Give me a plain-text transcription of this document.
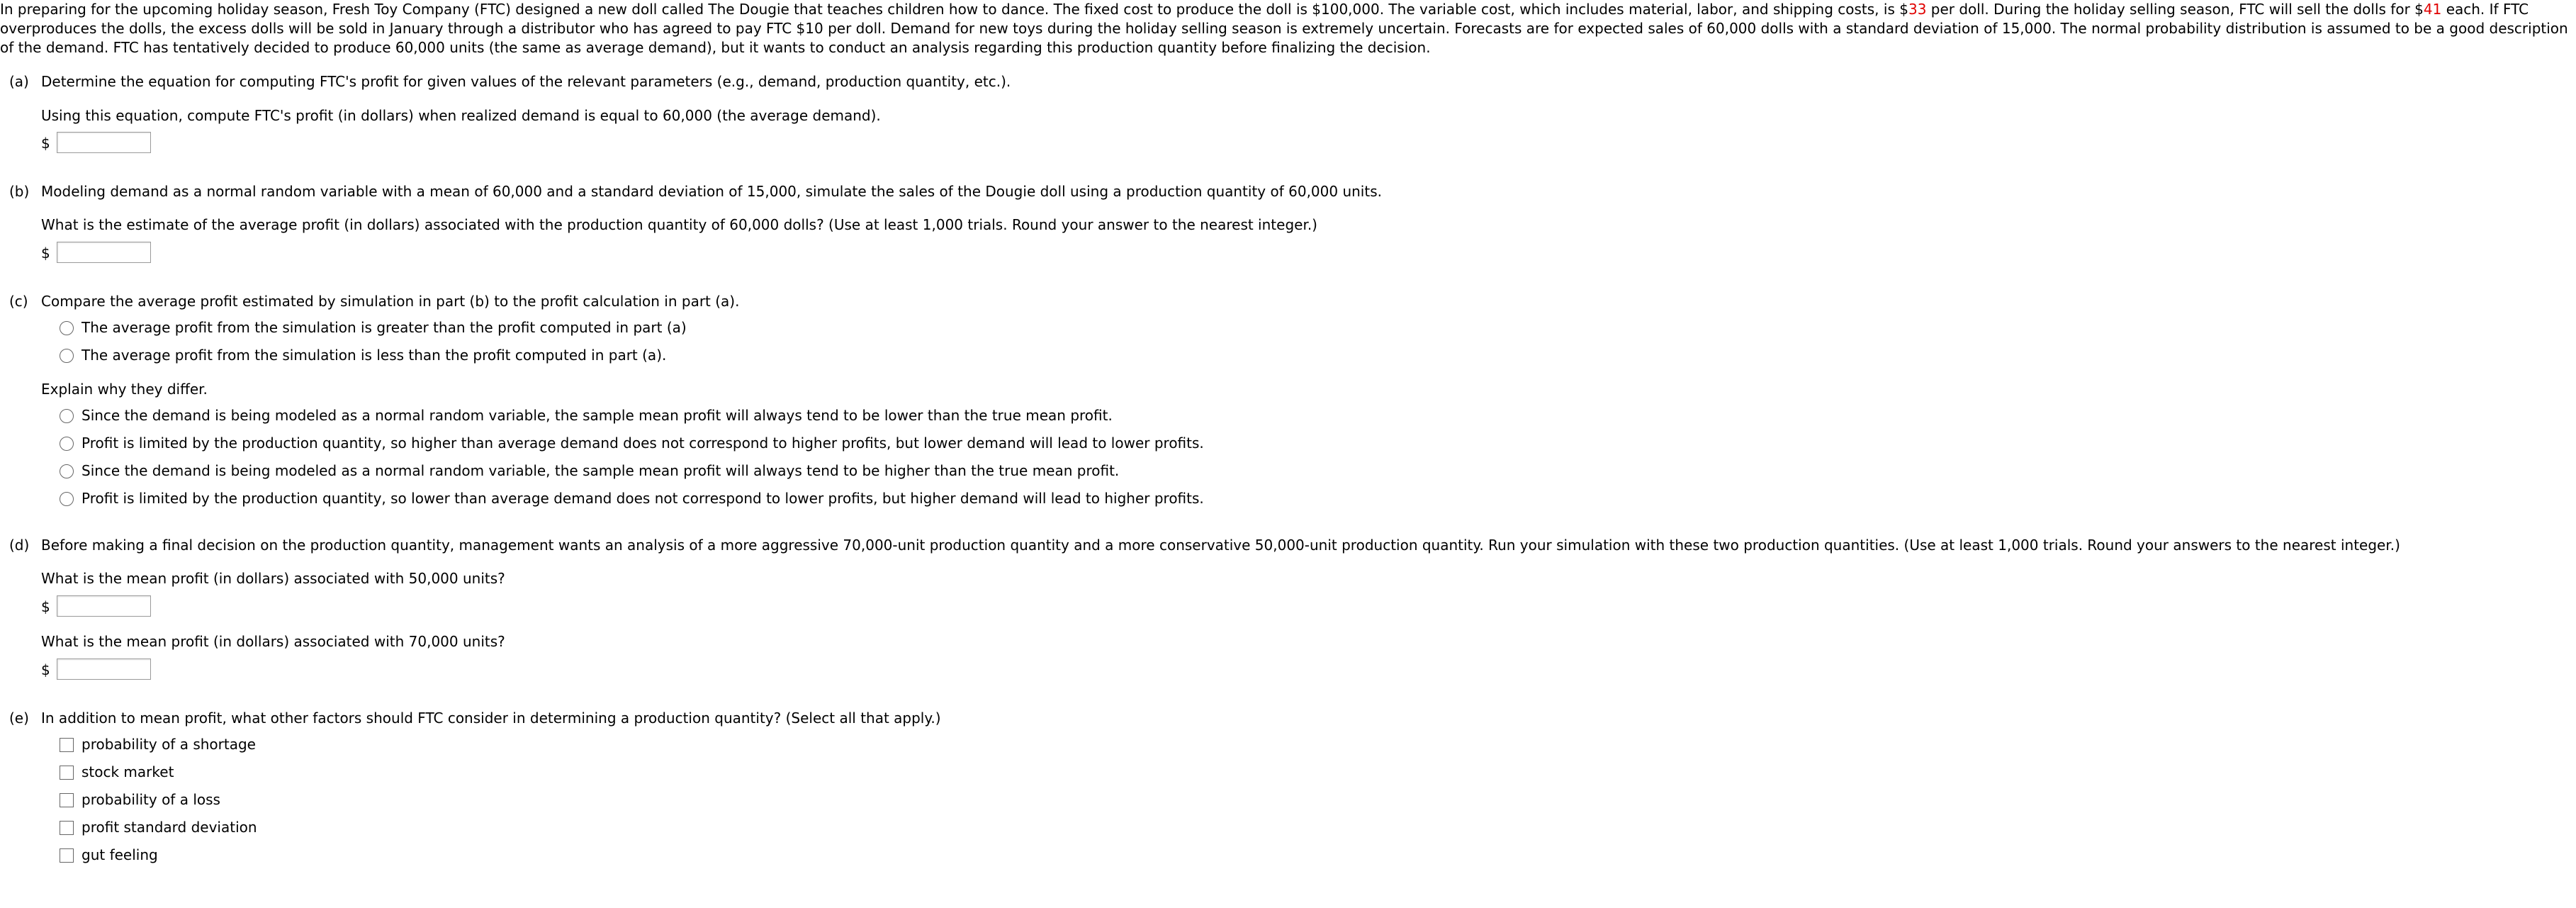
In preparing for the upcoming holiday season, Fresh Toy Company (FTC) designed a new doll called The Dougie that teaches children how to dance. The fixed cost to produce the doll is $100,000. The variable cost, which includes material, labor, and shipping costs, is $33 per doll. During the holiday selling season, FTC will sell the dolls for $41 each. If FTC overproduces the dolls, the excess dolls will be sold in January through a distributor who has agreed to pay FTC $10 per doll. Demand for new toys during the holiday selling season is extremely uncertain. Forecasts are for expected sales of 60,000 dolls with a standard deviation of 15,000. The normal probability distribution is assumed to be a good description of the demand. FTC has tentatively decided to produce 60,000 units (the same as average demand), but it wants to conduct an analysis regarding this production quantity before finalizing the decision.
(a) Determine the equation for computing FTC's profit for given values of the relevant parameters (e.g., demand, production quantity, etc.).
Using this equation, compute FTC's profit (in dollars) when realized demand is equal to 60,000 (the average demand).
$
(b) Modeling demand as a normal random variable with a mean of 60,000 and a standard deviation of 15,000, simulate the sales of the Dougie doll using a production quantity of 60,000 units.
What is the estimate of the average profit (in dollars) associated with the production quantity of 60,000 dolls? (Use at least 1,000 trials. Round your answer to the nearest integer.)
$
(c) Compare the average profit estimated by simulation in part (b) to the profit calculation in part (a).
The average profit from the simulation is greater than the profit computed in part (a)
The average profit from the simulation is less than the profit computed in part (a).
Explain why they differ.
Since the demand is being modeled as a normal random variable, the sample mean profit will always tend to be lower than the true mean profit.
Profit is limited by the production quantity, so higher than average demand does not correspond to higher profits, but lower demand will lead to lower profits.
Since the demand is being modeled as a normal random variable, the sample mean profit will always tend to be higher than the true mean profit.
Profit is limited by the production quantity, so lower than average demand does not correspond to lower profits, but higher demand will lead to higher profits.
(d) Before making a final decision on the production quantity, management wants an analysis of a more aggressive 70,000-unit production quantity and a more conservative 50,000-unit production quantity. Run your simulation with these two production quantities. (Use at least 1,000 trials. Round your answers to the nearest integer.)
What is the mean profit (in dollars) associated with 50,000 units?
$
What is the mean profit (in dollars) associated with 70,000 units?
$
(e) In addition to mean profit, what other factors should FTC consider in determining a production quantity? (Select all that apply.)
probability of a shortage
stock market
probability of a loss
profit standard deviation
gut feeling
